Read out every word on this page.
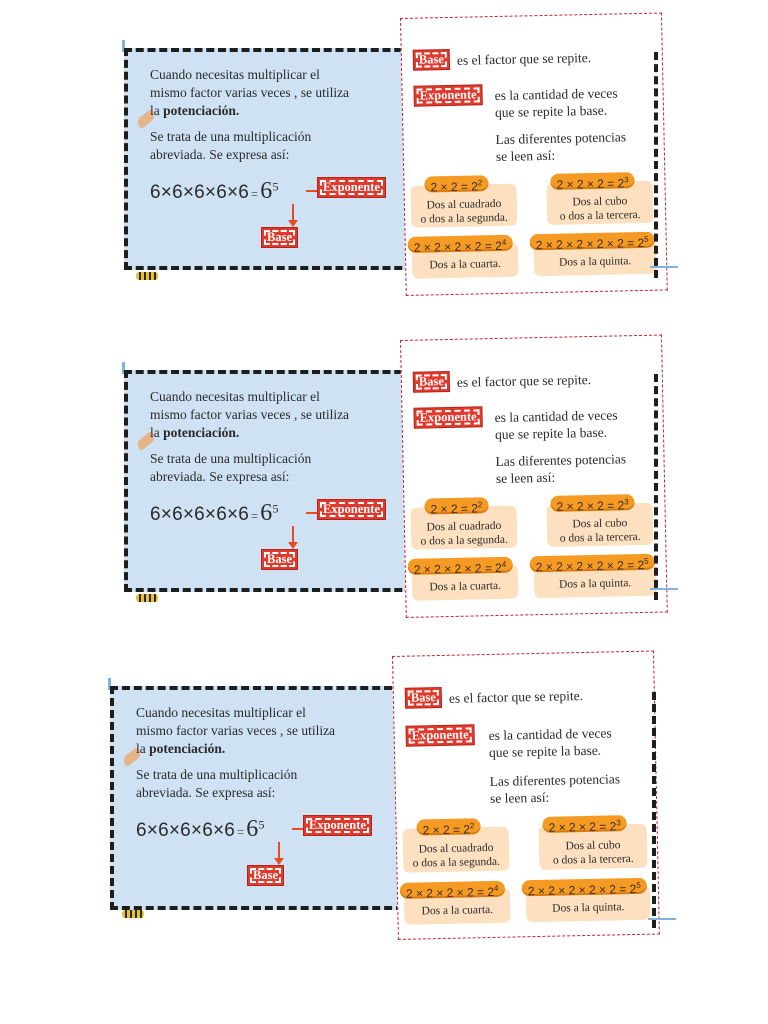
Cuando necesitas multiplicar el
mismo factor varias veces , se utiliza
la potenciación.
Se trata de una multiplicación
abreviada. Se expresa así:
$6\times 6\times 6\times 6\times 6 =6^5$	Exponente
Base
Base es el factor que se repite.
Exponente	es la cantidad de veces
que se repite la base.
Las diferentes potencias
se leen así:
$2 \times 2 = 2^2$
Dos al cuadrado
o dos a la segunda.
$2 \times 2 \times 2 = 2^3$
Dos al cubo
o dos a la tercera.
$2 \times 2 \times 2 \times 2 = 2^4$
Dos a la cuarta.
$2 \times 2 \times 2 \times 2 \times 2 = 2^5$
Dos a la quinta.
Cuando necesitas multiplicar el
mismo factor varias veces , se utiliza
la potenciación.
Se trata de una multiplicación
abreviada. Se expresa así:
$6\times 6\times 6\times 6\times 6 =6^5$	Exponente
Base
Base es el factor que se repite.
Exponente	es la cantidad de veces
que se repite la base.
Las diferentes potencias
se leen así:
$2 \times 2 = 2^2$
Dos al cuadrado
o dos a la segunda.
$2 \times 2 \times 2 = 2^3$
Dos al cubo
o dos a la tercera.
$2 \times 2 \times 2 \times 2 = 2^4$
Dos a la cuarta.
$2 \times 2 \times 2 \times 2 \times 2 = 2^5$
Dos a la quinta.
Cuando necesitas multiplicar el
mismo factor varias veces , se utiliza
la potenciación.
Se trata de una multiplicación
abreviada. Se expresa así:
$6\times 6\times 6\times 6\times 6 =6^5$	Exponente
Base
Base es el factor que se repite.
Exponente	es la cantidad de veces
que se repite la base.
Las diferentes potencias
se leen así:
$2 \times 2 = 2^2$
Dos al cuadrado
o dos a la segunda.
$2 \times 2 \times 2 = 2^3$
Dos al cubo
o dos a la tercera.
$2 \times 2 \times 2 \times 2 = 2^4$
Dos a la cuarta.
$2 \times 2 \times 2 \times 2 \times 2 = 2^5$
Dos a la quinta.
